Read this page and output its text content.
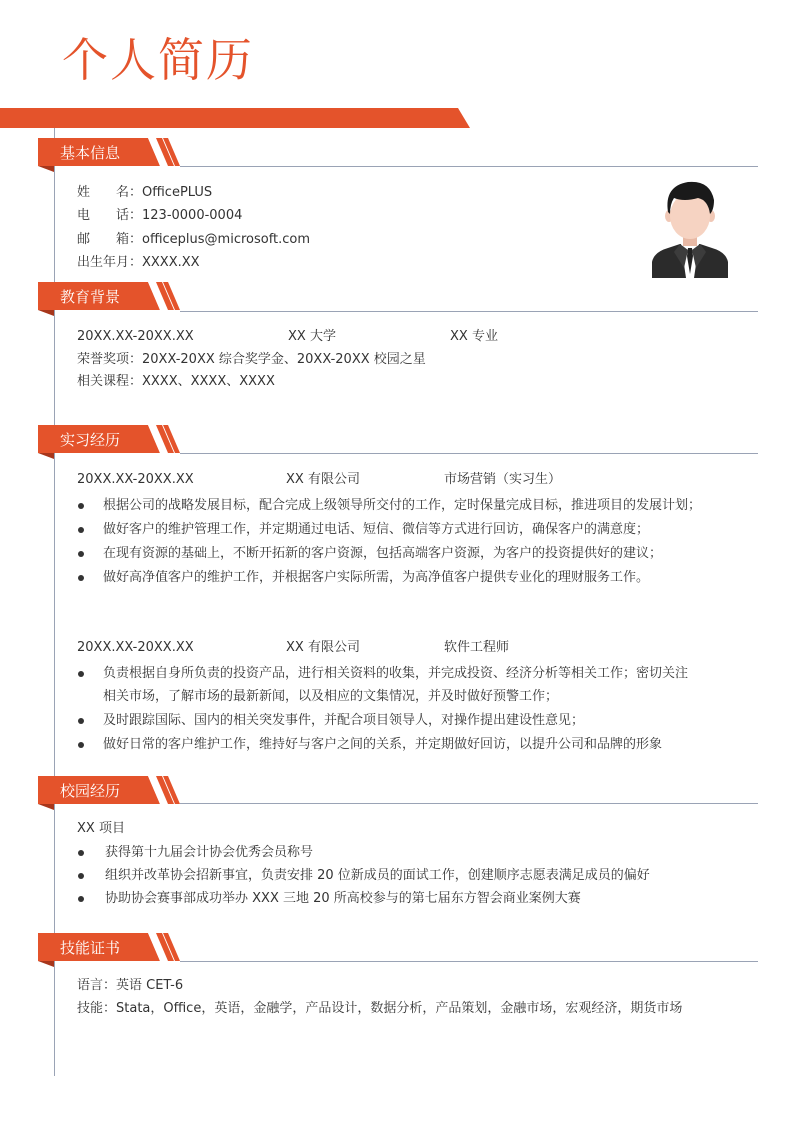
个人简历
基本信息
姓　　名：OfficePLUS
电　　话：123-0000-0004
邮　　箱：officeplus@microsoft.com
出生年月：XXXX.XX
教育背景
20XX.XX-20XX.XX	XX 大学	XX 专业
荣誉奖项：20XX-20XX 综合奖学金、20XX-20XX 校园之星
相关课程：XXXX、XXXX、XXXX
实习经历
20XX.XX-20XX.XX	XX 有限公司	市场营销（实习生）
根据公司的战略发展目标，配合完成上级领导所交付的工作，定时保量完成目标，推进项目的发展计划；
做好客户的维护管理工作，并定期通过电话、短信、微信等方式进行回访，确保客户的满意度；
在现有资源的基础上，不断开拓新的客户资源，包括高端客户资源，为客户的投资提供好的建议；
做好高净值客户的维护工作，并根据客户实际所需，为高净值客户提供专业化的理财服务工作。
20XX.XX-20XX.XX	XX 有限公司	软件工程师
负责根据自身所负责的投资产品，进行相关资料的收集，并完成投资、经济分析等相关工作；密切关注
相关市场，了解市场的最新新闻，以及相应的文集情况，并及时做好预警工作；
及时跟踪国际、国内的相关突发事件，并配合项目领导人，对操作提出建设性意见；
做好日常的客户维护工作，维持好与客户之间的关系，并定期做好回访，以提升公司和品牌的形象
校园经历
XX 项目
获得第十九届会计协会优秀会员称号
组织并改革协会招新事宜，负责安排 20 位新成员的面试工作，创建顺序志愿表满足成员的偏好
协助协会赛事部成功举办 XXX 三地 20 所高校参与的第七届东方智会商业案例大赛
技能证书
语言：英语 CET-6
技能：Stata，Office，英语，金融学，产品设计，数据分析，产品策划，金融市场，宏观经济，期货市场
